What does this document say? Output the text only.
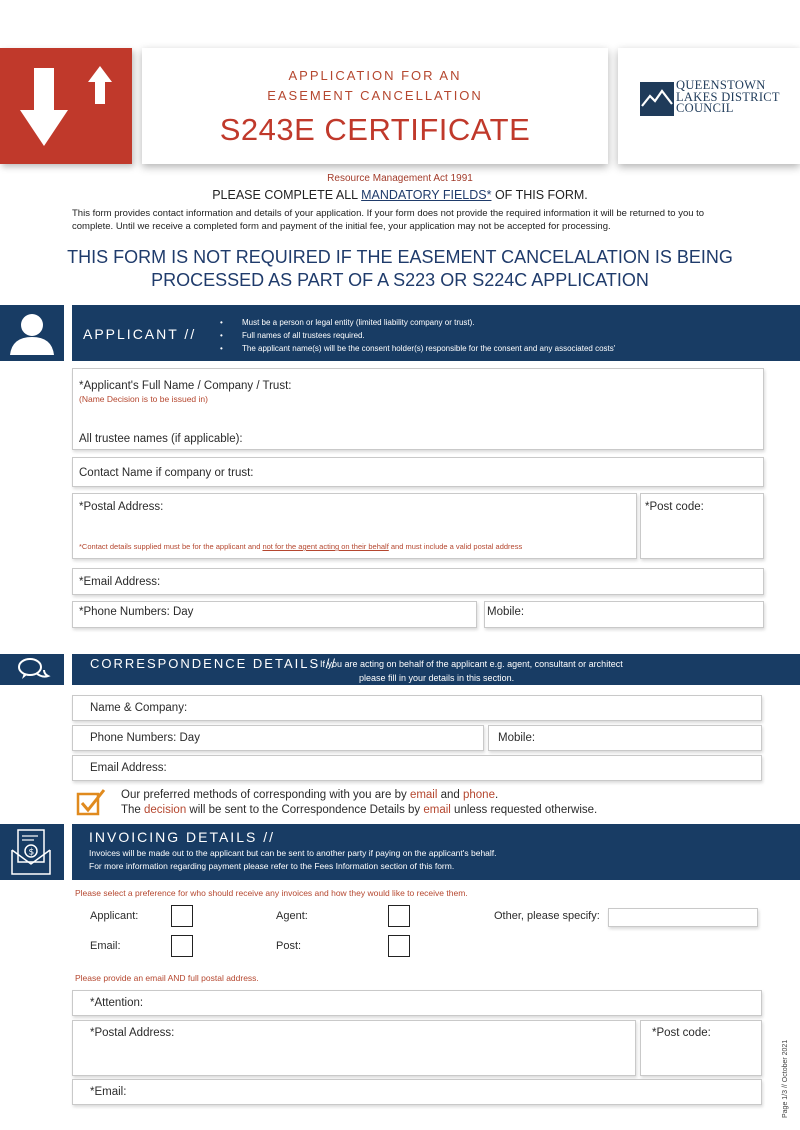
APPLICATION FOR AN
EASEMENT CANCELLATION
S243E CERTIFICATE
QUEENSTOWN
LAKES DISTRICT
COUNCIL
Resource Management Act 1991
PLEASE COMPLETE ALL MANDATORY FIELDS* OF THIS FORM.
This form provides contact information and details of your application. If your form does not provide the required information it will be returned to you to complete. Until we receive a completed form and payment of the initial fee, your application may not be accepted for processing.
THIS FORM IS NOT REQUIRED IF THE EASEMENT CANCELALATION IS BEING
PROCESSED AS PART OF A S223 OR S224C APPLICATION
APPLICANT //
• Must be a person or legal entity (limited liability company or trust).
• Full names of all trustees required.
• The applicant name(s) will be the consent holder(s) responsible for the consent and any associated costs'
*Applicant's Full Name / Company / Trust:
(Name Decision is to be issued in)
All trustee names (if applicable):
Contact Name if company or trust:
*Postal Address:
*Contact details supplied must be for the applicant and not for the agent acting on their behalf and must include a valid postal address
*Post code:
*Email Address:
*Phone Numbers: Day	Mobile:
CORRESPONDENCE DETAILS //
If you are acting on behalf of the applicant e.g. agent, consultant or architect
please fill in your details in this section.
Name & Company:
Phone Numbers: Day	Mobile:
Email Address:
Our preferred methods of corresponding with you are by email and phone.
The decision will be sent to the Correspondence Details by email unless requested otherwise.
$
INVOICING DETAILS //
Invoices will be made out to the applicant but can be sent to another party if paying on the applicant's behalf.
For more information regarding payment please refer to the Fees Information section of this form.
Please select a preference for who should receive any invoices and how they would like to receive them.
Applicant:	Agent:	Other, please specify:
Email:	Post:
Please provide an email AND full postal address.
*Attention:
*Postal Address:	*Post code:
*Email:	Page 1/3 // October 2021
